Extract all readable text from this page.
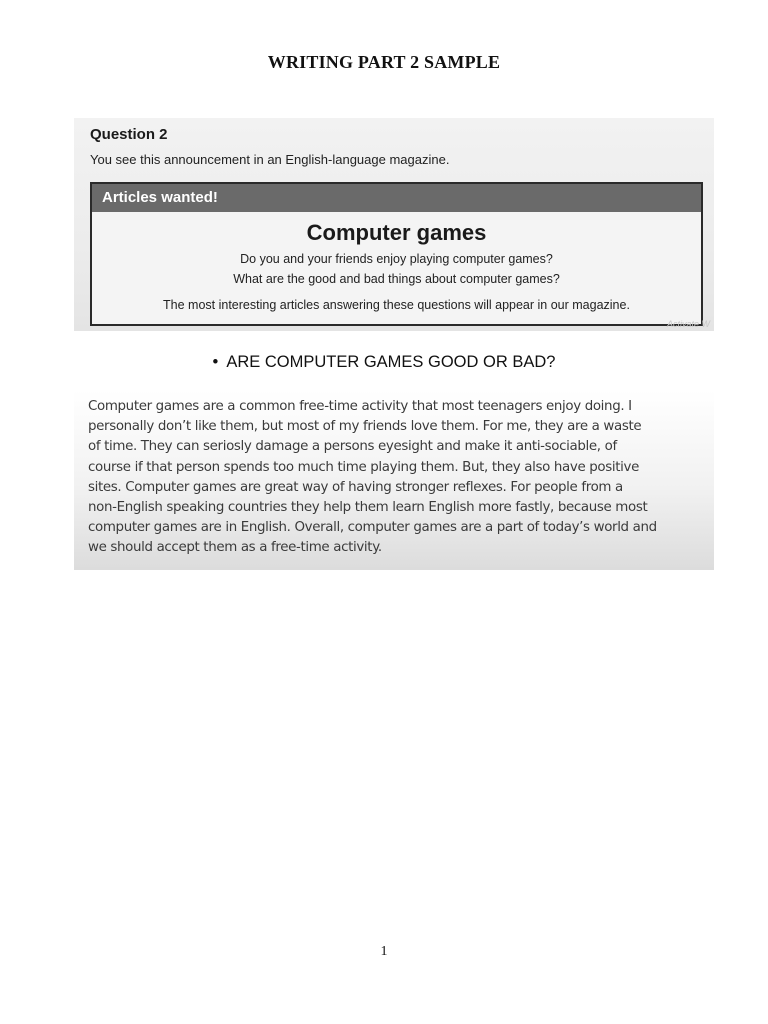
WRITING PART 2 SAMPLE
Question 2
You see this announcement in an English-language magazine.
Articles wanted!
Computer games
Do you and your friends enjoy playing computer games?
What are the good and bad things about computer games?
The most interesting articles answering these questions will appear in our magazine.
Activate W
• ARE COMPUTER GAMES GOOD OR BAD?

Computer games are a common free-time activity that most teenagers enjoy doing. I
personally don’t like them, but most of my friends love them. For me, they are a waste
of time. They can seriosly damage a persons eyesight and make it anti-sociable, of
course if that person spends too much time playing them. But, they also have positive
sites. Computer games are great way of having stronger reflexes. For people from a
non-English speaking countries they help them learn English more fastly, because most
computer games are in English. Overall, computer games are a part of today’s world and
we should accept them as a free-time activity.

1
